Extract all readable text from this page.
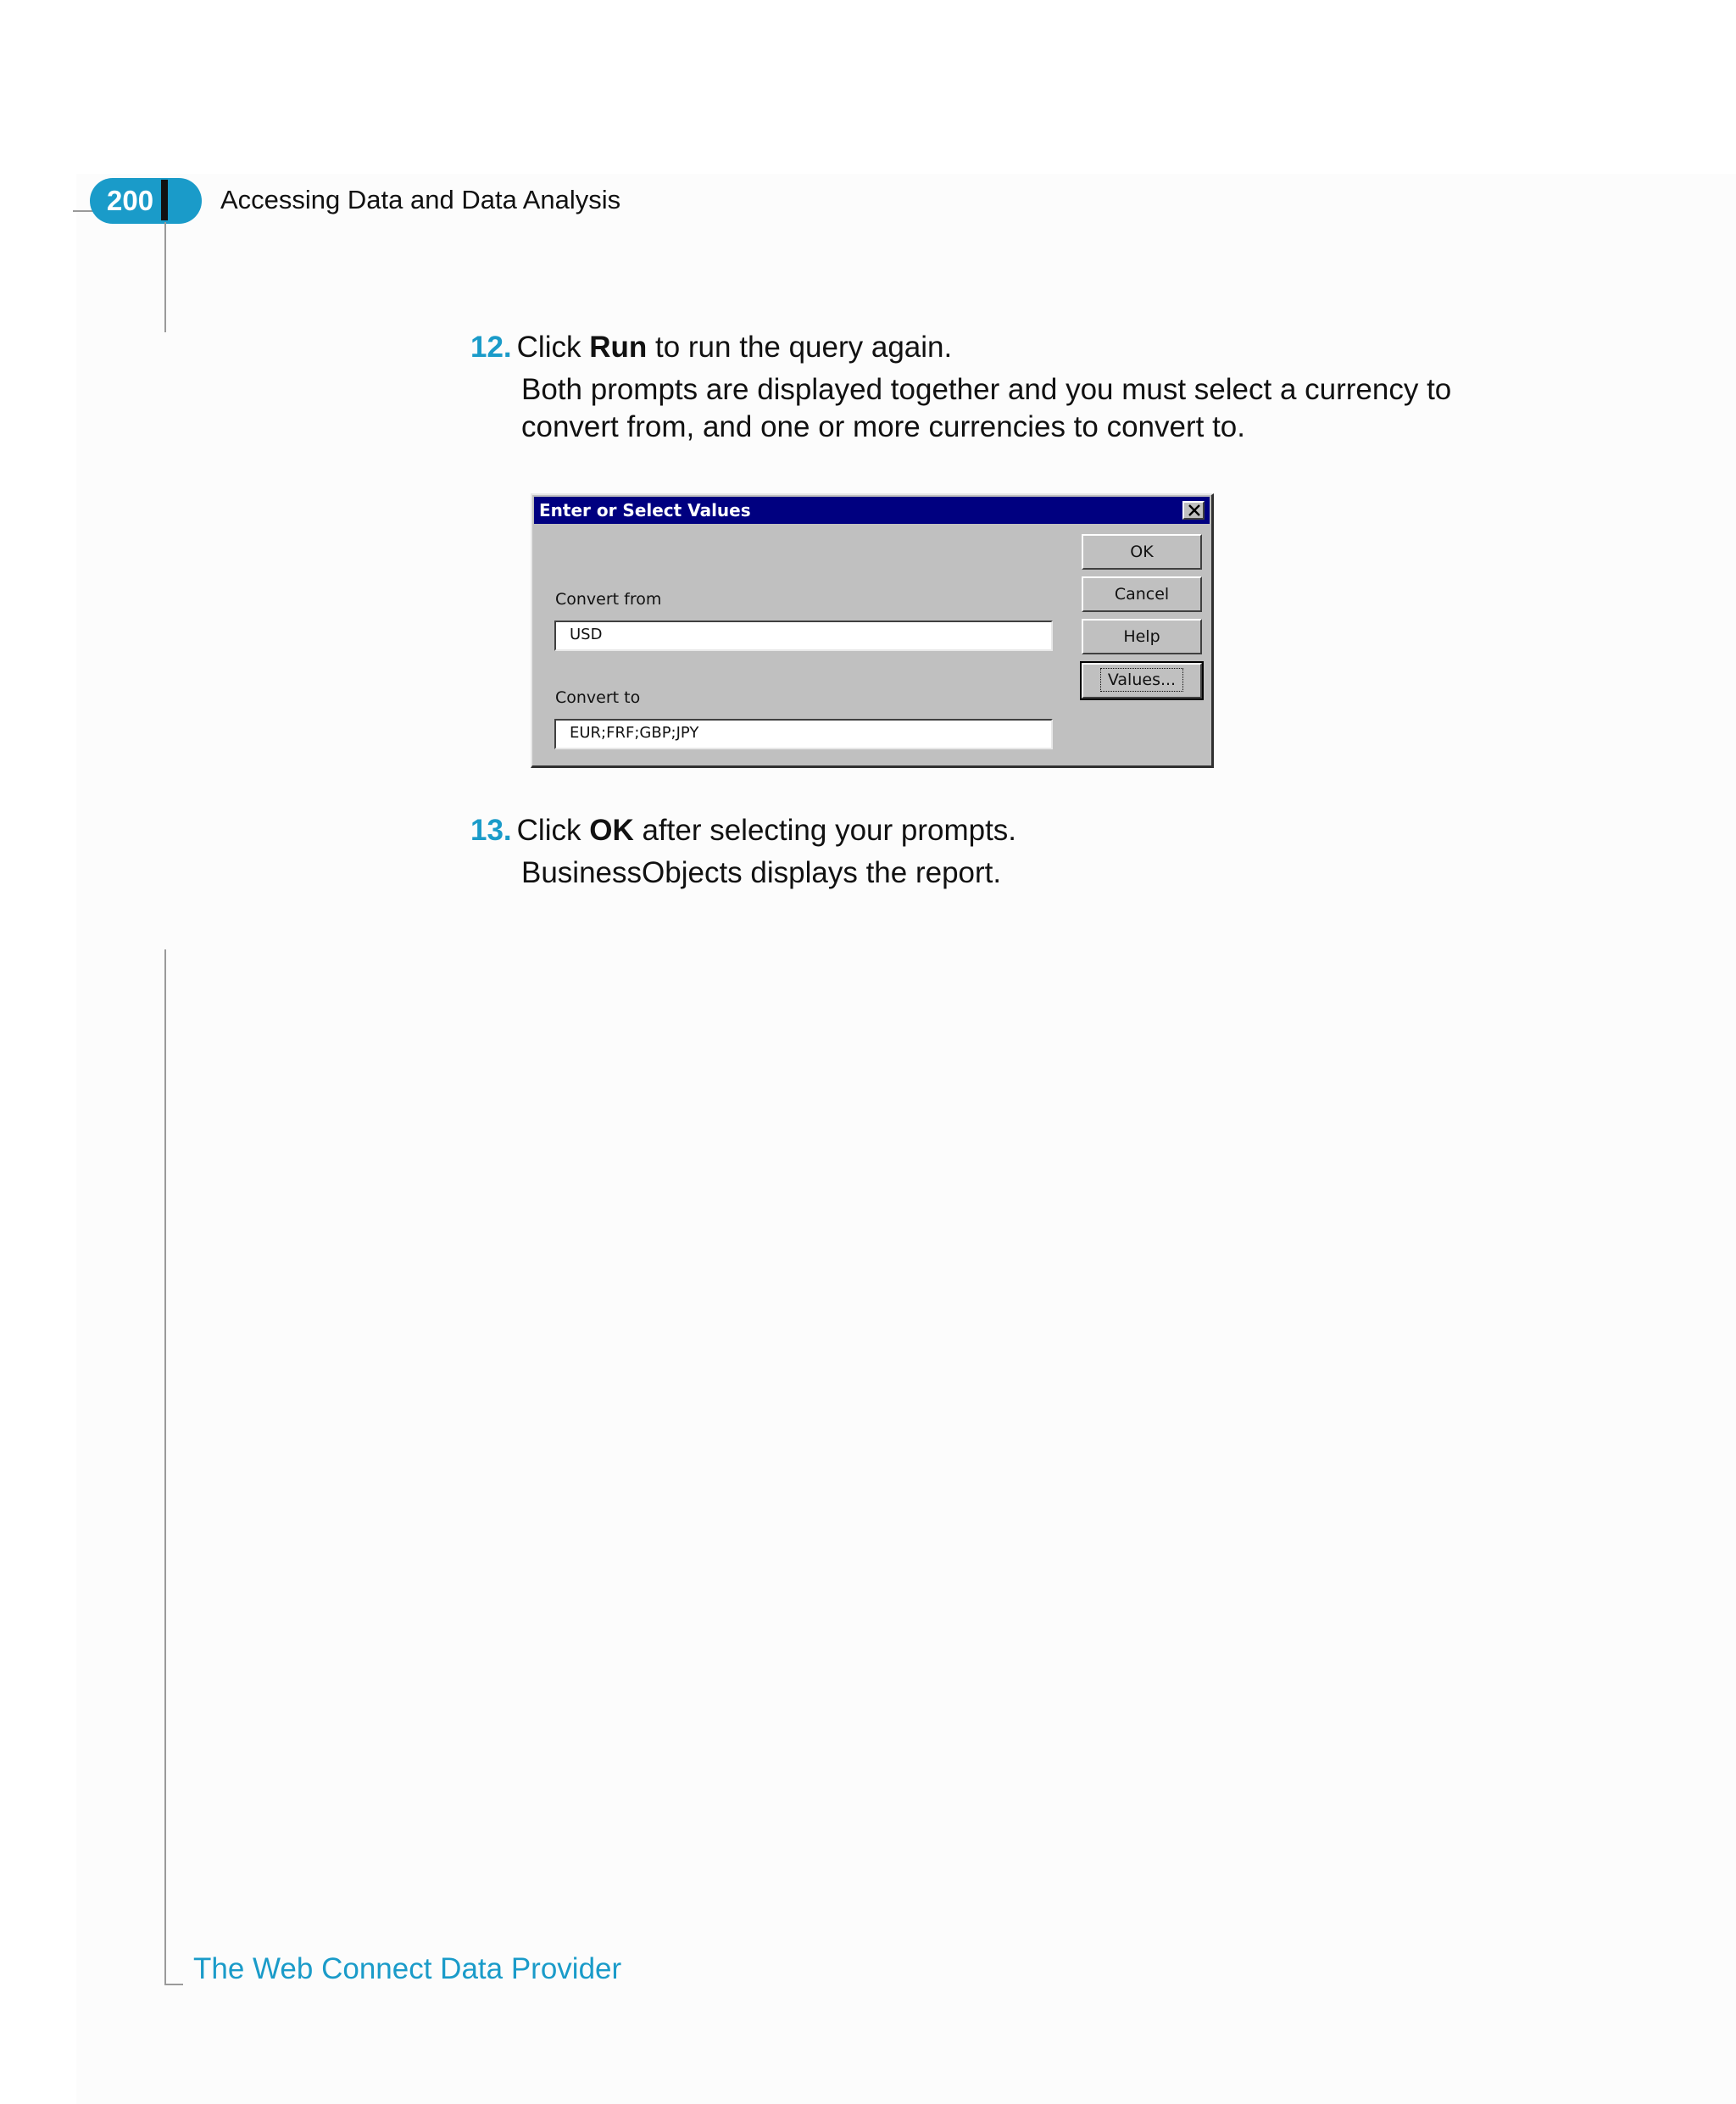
200	Accessing Data and Data Analysis
12. Click Run to run the query again.
Both prompts are displayed together and you must select a currency to
convert from, and one or more currencies to convert to.
Enter or Select Values
Convert from
USD
Convert to
EUR;FRF;GBP;JPY
OK
Cancel
Help
Values...
13. Click OK after selecting your prompts.
BusinessObjects displays the report.
The Web Connect Data Provider
